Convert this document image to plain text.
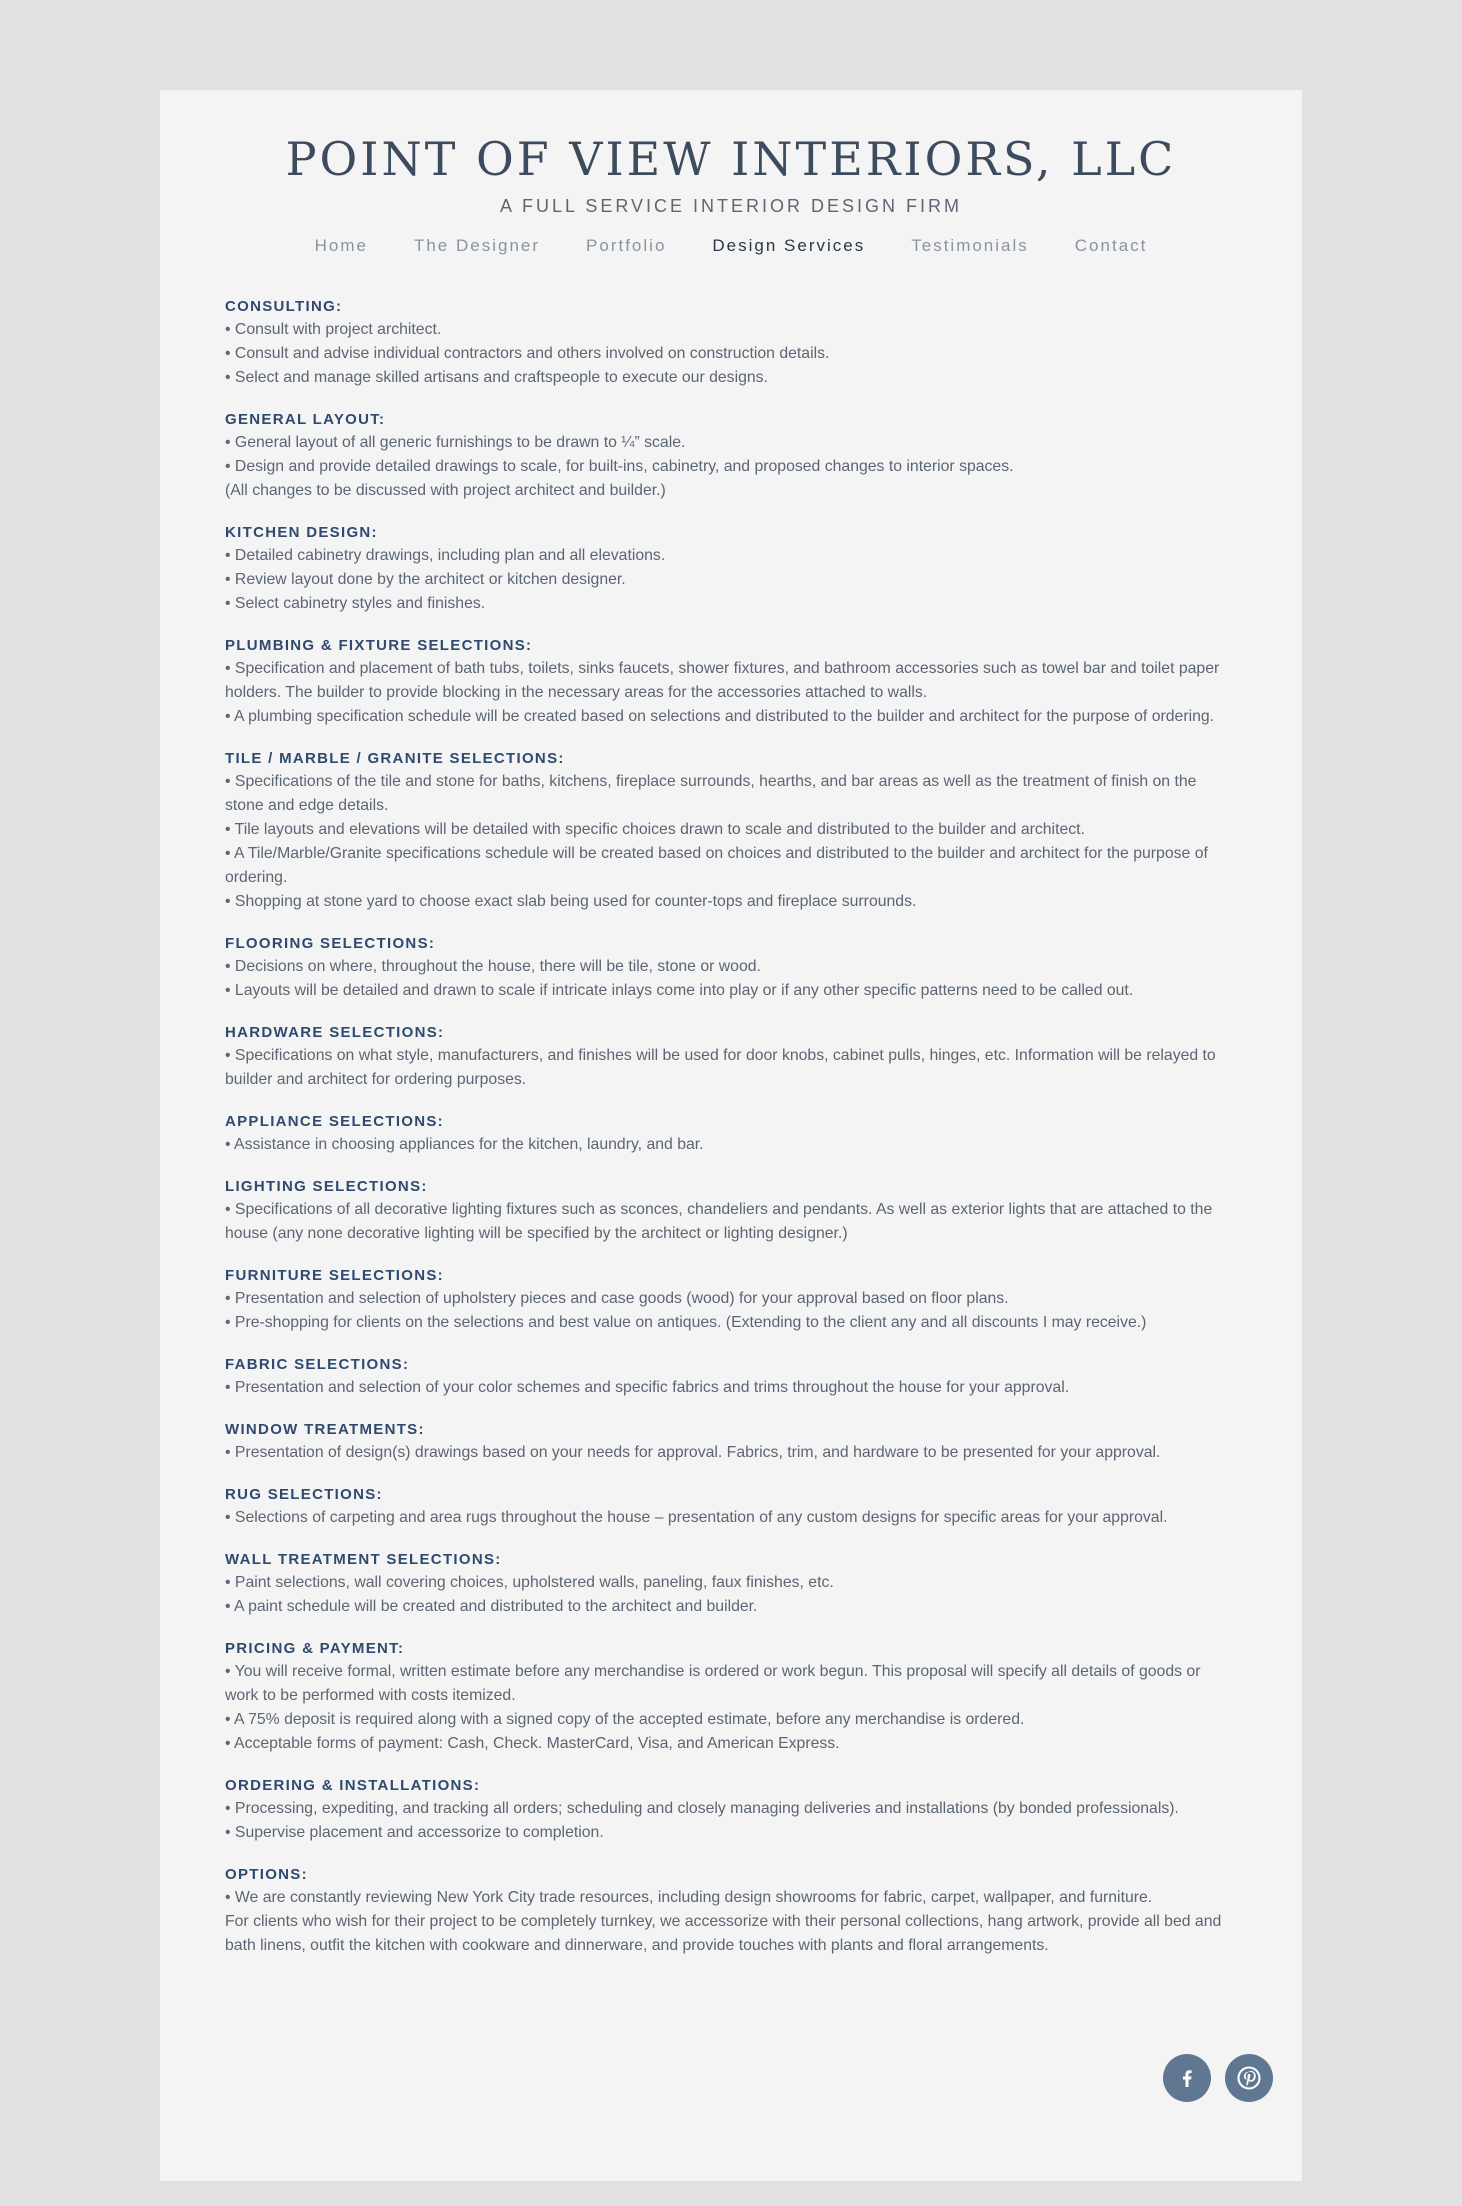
POINT OF VIEW INTERIORS, LLC
A FULL SERVICE INTERIOR DESIGN FIRM
Home	The Designer	Portfolio	Design Services	Testimonials	Contact
CONSULTING:

• Consult with project architect.

• Consult and advise individual contractors and others involved on construction details.

• Select and manage skilled artisans and craftspeople to execute our designs.

GENERAL LAYOUT:

• General layout of all generic furnishings to be drawn to ¼” scale.

• Design and provide detailed drawings to scale, for built-ins, cabinetry, and proposed changes to interior spaces.

(All changes to be discussed with project architect and builder.)

KITCHEN DESIGN:

• Detailed cabinetry drawings, including plan and all elevations.

• Review layout done by the architect or kitchen designer.

• Select cabinetry styles and finishes.

PLUMBING & FIXTURE SELECTIONS:

• Specification and placement of bath tubs, toilets, sinks faucets, shower fixtures, and bathroom accessories such as towel bar and toilet paper holders. The builder to provide blocking in the necessary areas for the accessories attached to walls.

• A plumbing specification schedule will be created based on selections and distributed to the builder and architect for the purpose of ordering.

TILE / MARBLE / GRANITE SELECTIONS:

• Specifications of the tile and stone for baths, kitchens, fireplace surrounds, hearths, and bar areas as well as the treatment of finish on the stone and edge details.

• Tile layouts and elevations will be detailed with specific choices drawn to scale and distributed to the builder and architect.

• A Tile/Marble/Granite specifications schedule will be created based on choices and distributed to the builder and architect for the purpose of ordering.

• Shopping at stone yard to choose exact slab being used for counter-tops and fireplace surrounds.

FLOORING SELECTIONS:

• Decisions on where, throughout the house, there will be tile, stone or wood.

• Layouts will be detailed and drawn to scale if intricate inlays come into play or if any other specific patterns need to be called out.

HARDWARE SELECTIONS:

• Specifications on what style, manufacturers, and finishes will be used for door knobs, cabinet pulls, hinges, etc. Information will be relayed to builder and architect for ordering purposes.

APPLIANCE SELECTIONS:

• Assistance in choosing appliances for the kitchen, laundry, and bar.

LIGHTING SELECTIONS:

• Specifications of all decorative lighting fixtures such as sconces, chandeliers and pendants. As well as exterior lights that are attached to the house (any none decorative lighting will be specified by the architect or lighting designer.)

FURNITURE SELECTIONS:

• Presentation and selection of upholstery pieces and case goods (wood) for your approval based on floor plans.

• Pre-shopping for clients on the selections and best value on antiques. (Extending to the client any and all discounts I may receive.)

FABRIC SELECTIONS:

• Presentation and selection of your color schemes and specific fabrics and trims throughout the house for your approval.

WINDOW TREATMENTS:

• Presentation of design(s) drawings based on your needs for approval. Fabrics, trim, and hardware to be presented for your approval.

RUG SELECTIONS:

• Selections of carpeting and area rugs throughout the house – presentation of any custom designs for specific areas for your approval.

WALL TREATMENT SELECTIONS:

• Paint selections, wall covering choices, upholstered walls, paneling, faux finishes, etc.

• A paint schedule will be created and distributed to the architect and builder.

PRICING & PAYMENT:

• You will receive formal, written estimate before any merchandise is ordered or work begun. This proposal will specify all details of goods or work to be performed with costs itemized.

• A 75% deposit is required along with a signed copy of the accepted estimate, before any merchandise is ordered.

• Acceptable forms of payment: Cash, Check. MasterCard, Visa, and American Express.

ORDERING & INSTALLATIONS:

• Processing, expediting, and tracking all orders; scheduling and closely managing deliveries and installations (by bonded professionals).

• Supervise placement and accessorize to completion.

OPTIONS:

• We are constantly reviewing New York City trade resources, including design showrooms for fabric, carpet, wallpaper, and furniture.

For clients who wish for their project to be completely turnkey, we accessorize with their personal collections, hang artwork, provide all bed and bath linens, outfit the kitchen with cookware and dinnerware, and provide touches with plants and floral arrangements.
